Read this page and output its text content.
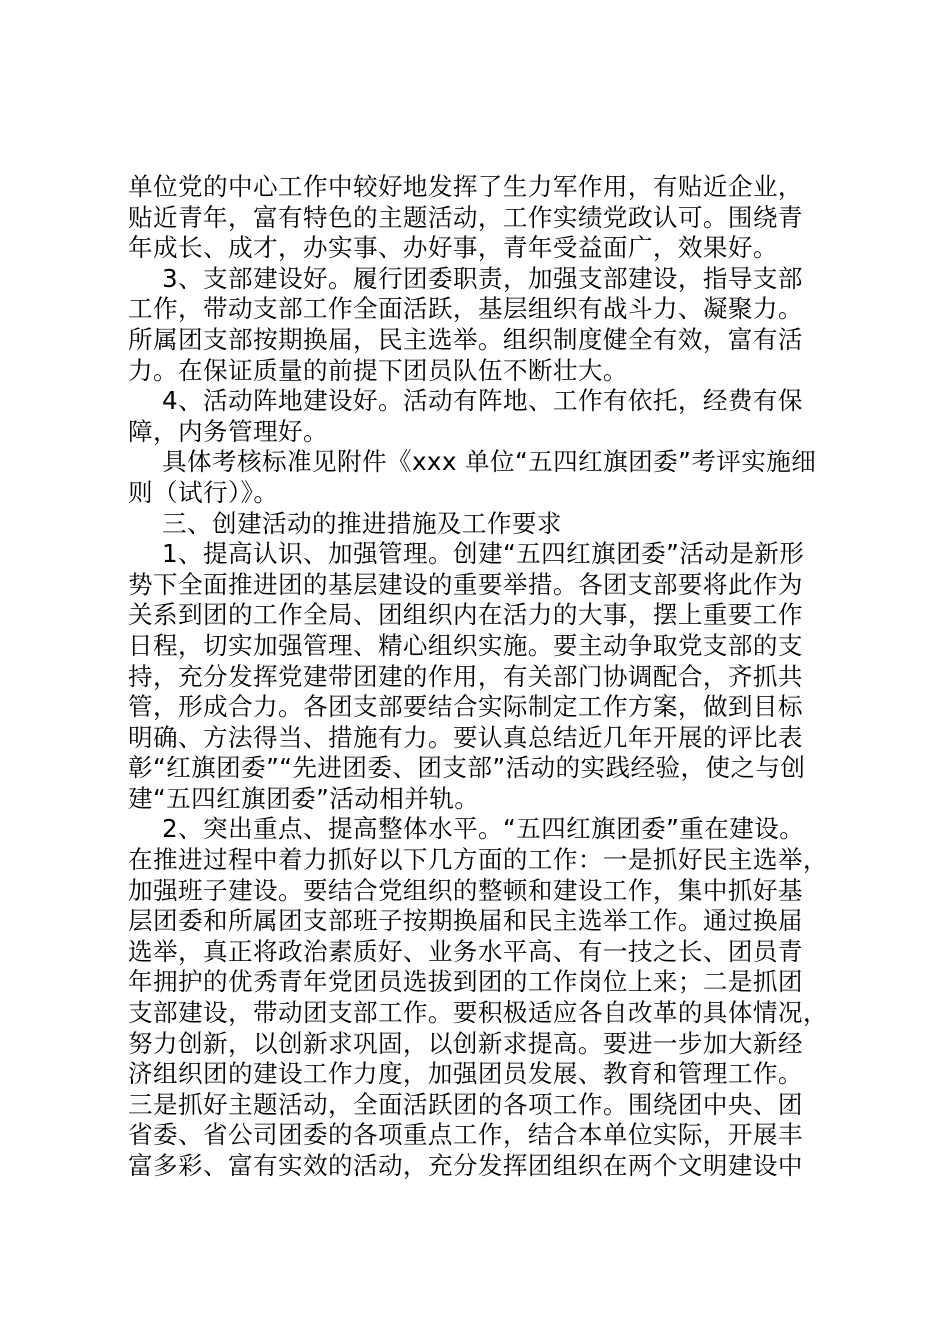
单位党的中心工作中较好地发挥了生力军作用，有贴近企业，
贴近青年，富有特色的主题活动，工作实绩党政认可。围绕青
年成长、成才，办实事、办好事，青年受益面广，效果好。
3、支部建设好。履行团委职责，加强支部建设，指导支部
工作，带动支部工作全面活跃，基层组织有战斗力、凝聚力。
所属团支部按期换届，民主选举。组织制度健全有效，富有活
力。在保证质量的前提下团员队伍不断壮大。
4、活动阵地建设好。活动有阵地、工作有依托，经费有保
障，内务管理好。
具体考核标准见附件《xxx 单位“五四红旗团委”考评实施细
则（试行）》。
三、创建活动的推进措施及工作要求
1、提高认识、加强管理。创建“五四红旗团委”活动是新形
势下全面推进团的基层建设的重要举措。各团支部要将此作为
关系到团的工作全局、团组织内在活力的大事，摆上重要工作
日程，切实加强管理、精心组织实施。要主动争取党支部的支
持，充分发挥党建带团建的作用，有关部门协调配合，齐抓共
管，形成合力。各团支部要结合实际制定工作方案，做到目标
明确、方法得当、措施有力。要认真总结近几年开展的评比表
彰“红旗团委”“先进团委、团支部”活动的实践经验，使之与创
建“五四红旗团委”活动相并轨。
2、突出重点、提高整体水平。“五四红旗团委”重在建设。
在推进过程中着力抓好以下几方面的工作：一是抓好民主选举，
加强班子建设。要结合党组织的整顿和建设工作，集中抓好基
层团委和所属团支部班子按期换届和民主选举工作。通过换届
选举，真正将政治素质好、业务水平高、有一技之长、团员青
年拥护的优秀青年党团员选拔到团的工作岗位上来；二是抓团
支部建设，带动团支部工作。要积极适应各自改革的具体情况，
努力创新，以创新求巩固，以创新求提高。要进一步加大新经
济组织团的建设工作力度，加强团员发展、教育和管理工作。
三是抓好主题活动，全面活跃团的各项工作。围绕团中央、团
省委、省公司团委的各项重点工作，结合本单位实际，开展丰
富多彩、富有实效的活动，充分发挥团组织在两个文明建设中
